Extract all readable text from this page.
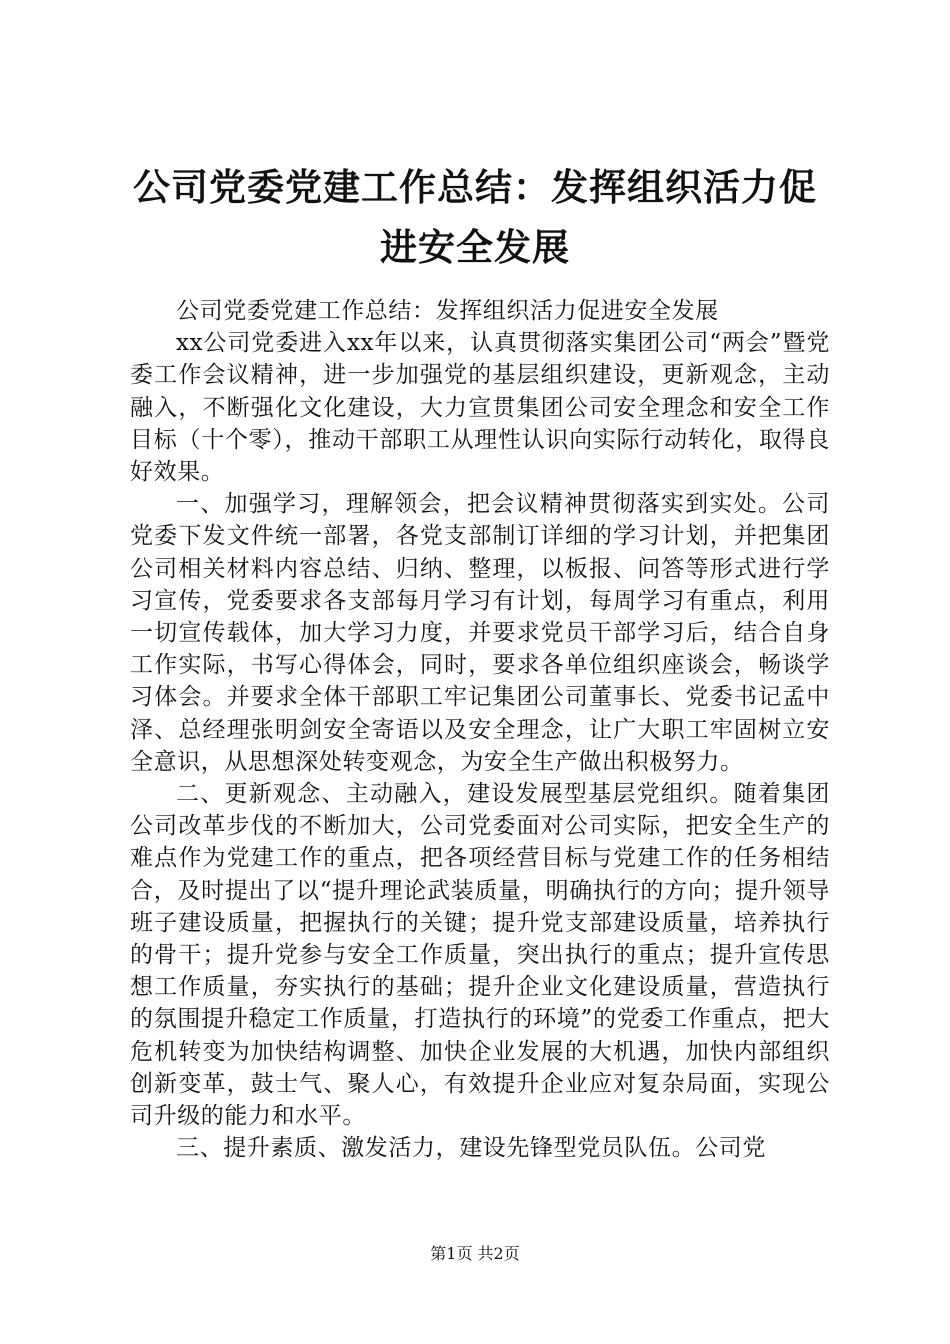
公司党委党建工作总结：发挥组织活力促进安全发展

公司党委党建工作总结：发挥组织活力促进安全发展

xx公司党委进入xx年以来，认真贯彻落实集团公司“两会”暨党委工作会议精神，进一步加强党的基层组织建设，更新观念，主动融入，不断强化文化建设，大力宣贯集团公司安全理念和安全工作目标（十个零），推动干部职工从理性认识向实际行动转化，取得良好效果。

一、加强学习，理解领会，把会议精神贯彻落实到实处。公司党委下发文件统一部署，各党支部制订详细的学习计划，并把集团公司相关材料内容总结、归纳、整理，以板报、问答等形式进行学习宣传，党委要求各支部每月学习有计划，每周学习有重点，利用一切宣传载体，加大学习力度，并要求党员干部学习后，结合自身工作实际，书写心得体会，同时，要求各单位组织座谈会，畅谈学习体会。并要求全体干部职工牢记集团公司董事长、党委书记孟中泽、总经理张明剑安全寄语以及安全理念，让广大职工牢固树立安全意识，从思想深处转变观念，为安全生产做出积极努力。

二、更新观念、主动融入，建设发展型基层党组织。随着集团公司改革步伐的不断加大，公司党委面对公司实际，把安全生产的难点作为党建工作的重点，把各项经营目标与党建工作的任务相结合，及时提出了以“提升理论武装质量，明确执行的方向；提升领导班子建设质量，把握执行的关键；提升党支部建设质量，培养执行的骨干；提升党参与安全工作质量，突出执行的重点；提升宣传思想工作质量，夯实执行的基础；提升企业文化建设质量，营造执行的氛围提升稳定工作质量，打造执行的环境”的党委工作重点，把大危机转变为加快结构调整、加快企业发展的大机遇，加快内部组织创新变革，鼓士气、聚人心，有效提升企业应对复杂局面，实现公司升级的能力和水平。

三、提升素质、激发活力，建设先锋型党员队伍。公司党

第1页 共2页
